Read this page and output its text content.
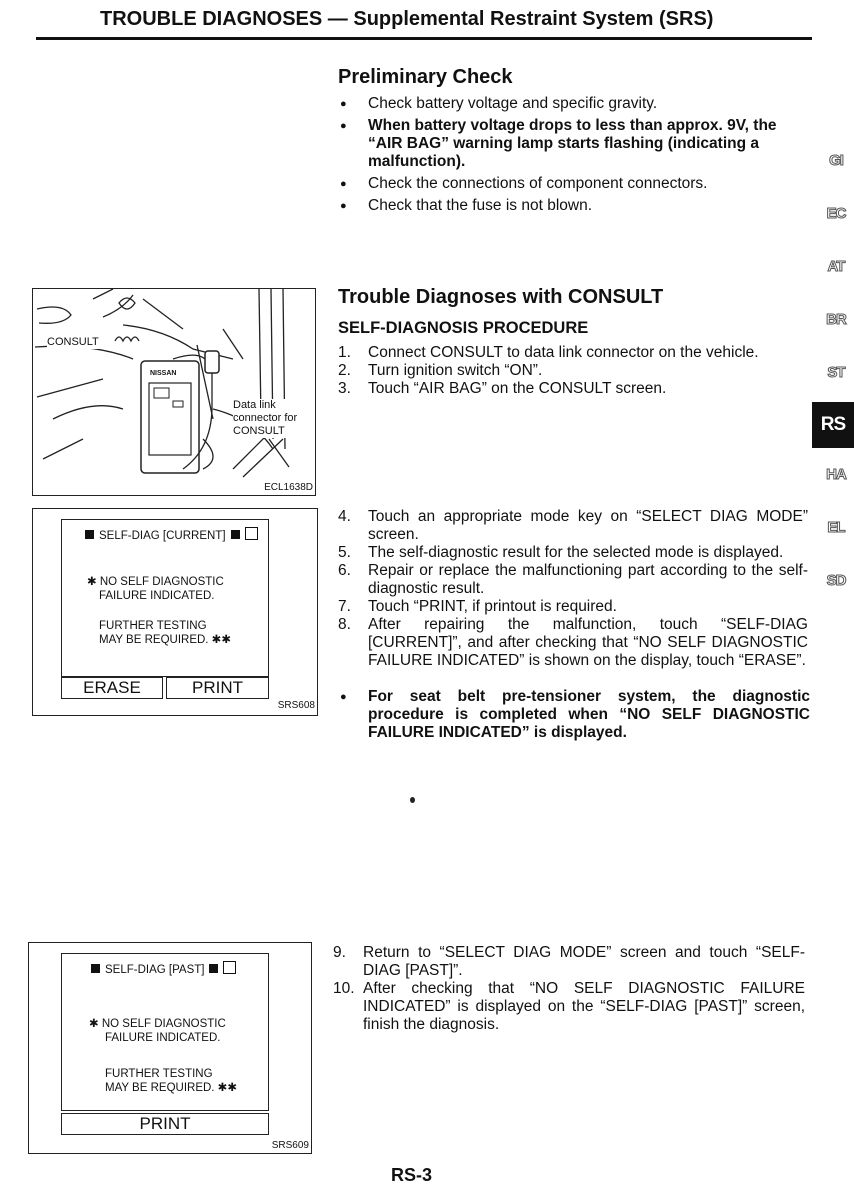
TROUBLE DIAGNOSES — Supplemental Restraint System (SRS)
Preliminary Check
● Check battery voltage and specific gravity.
● When battery voltage drops to less than approx. 9V, the “AIR BAG” warning lamp starts flashing (indicating a malfunction).
● Check the connections of component connectors.
● Check that the fuse is not blown.
Trouble Diagnoses with CONSULT
SELF-DIAGNOSIS PROCEDURE
1. Connect CONSULT to data link connector on the vehicle.
2. Turn ignition switch “ON”.
3. Touch “AIR BAG” on the CONSULT screen.
4. Touch an appropriate mode key on “SELECT DIAG MODE” screen.
5. The self-diagnostic result for the selected mode is displayed.
6. Repair or replace the malfunctioning part according to the self-diagnostic result.
7. Touch “PRINT, if printout is required.
8. After repairing the malfunction, touch “SELF-DIAG [CURRENT]”, and after checking that “NO SELF DIAGNOSTIC FAILURE INDICATED” is shown on the display, touch “ERASE”.
● For seat belt pre-tensioner system, the diagnostic procedure is completed when “NO SELF DIAGNOSTIC FAILURE INDICATED” is displayed.
9. Return to “SELECT DIAG MODE” screen and touch “SELF-DIAG [PAST]”.
10. After checking that “NO SELF DIAGNOSTIC FAILURE INDICATED” is displayed on the “SELF-DIAG [PAST]” screen, finish the diagnosis.
CONSULT
NISSAN
Data link
connector for
CONSULT
ECL1638D
SELF-DIAG [CURRENT]
✱ NO SELF DIAGNOSTIC
FAILURE INDICATED.
FURTHER TESTING
MAY BE REQUIRED. ✱✱
ERASE	PRINT
SRS608
SELF-DIAG [PAST]
✱ NO SELF DIAGNOSTIC
FAILURE INDICATED.
FURTHER TESTING
MAY BE REQUIRED. ✱✱
PRINT
SRS609
GI
EC
AT
BR
ST
RS
HA
EL
SD
RS-3
